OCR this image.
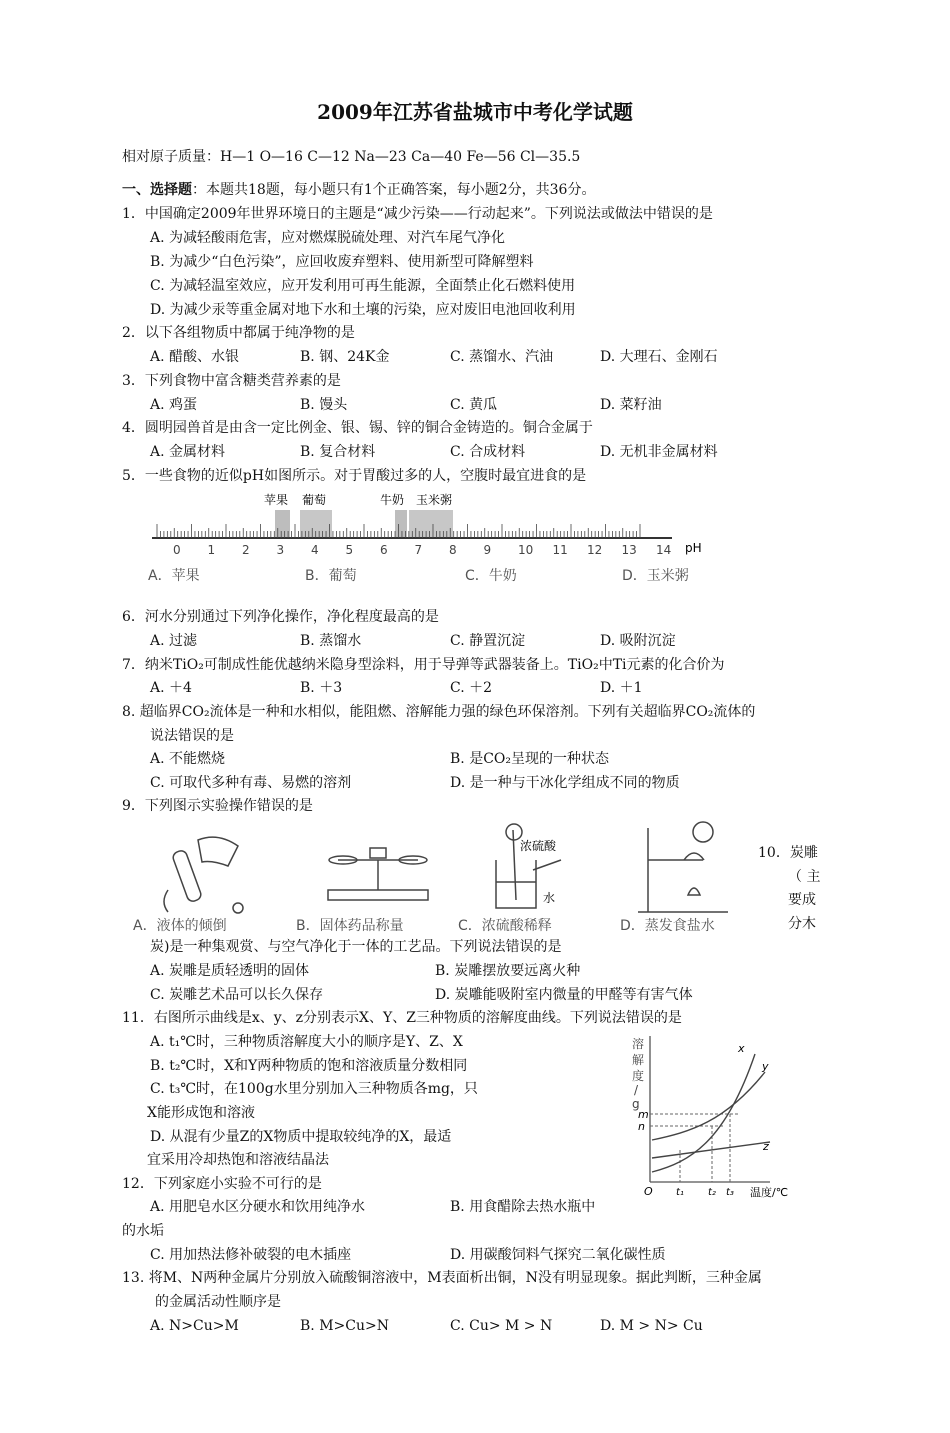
2009年江苏省盐城市中考化学试题
相对原子质量：H—1 O—16 C—12 Na—23 Ca—40 Fe—56 Cl—35.5
一、选择题：本题共18题，每小题只有1个正确答案，每小题2分，共36分。
1．中国确定2009年世界环境日的主题是“减少污染——行动起来”。下列说法或做法中错误的是
A. 为减轻酸雨危害，应对燃煤脱硫处理、对汽车尾气净化
B. 为减少“白色污染”，应回收废弃塑料、使用新型可降解塑料
C. 为减轻温室效应，应开发利用可再生能源，全面禁止化石燃料使用
D. 为减少汞等重金属对地下水和土壤的污染，应对废旧电池回收利用
2．以下各组物质中都属于纯净物的是
A. 醋酸、水银	B. 钢、24K金	C. 蒸馏水、汽油	D. 大理石、金刚石
3．下列食物中富含糖类营养素的是
A. 鸡蛋	B. 馒头	C. 黄瓜	D. 菜籽油
4．圆明园兽首是由含一定比例金、银、锡、锌的铜合金铸造的。铜合金属于
A. 金属材料	B. 复合材料	C. 合成材料	D. 无机非金属材料
5．一些食物的近似pH如图所示。对于胃酸过多的人，空腹时最宜进食的是
苹果 葡萄	牛奶 玉米粥
0 1 2 3 4 5 6 7 8 9 10 11 12 13 14 pH
A．苹果	B．葡萄	C．牛奶	D．玉米粥
6．河水分别通过下列净化操作，净化程度最高的是
A. 过滤	B. 蒸馏水	C. 静置沉淀	D. 吸附沉淀
7．纳米TiO₂可制成性能优越纳米隐身型涂料，用于导弹等武器装备上。TiO₂中Ti元素的化合价为
A. ＋4	B. ＋3	C. ＋2	D. ＋1
8. 超临界CO₂流体是一种和水相似，能阻燃、溶解能力强的绿色环保溶剂。下列有关超临界CO₂流体的
说法错误的是
A. 不能燃烧	B. 是CO₂呈现的一种状态
C. 可取代多种有毒、易燃的溶剂	D. 是一种与干冰化学组成不同的物质
9．下列图示实验操作错误的是
浓硫酸
水
A．液体的倾倒	B．固体药品称量	C．浓硫酸稀释	D．蒸发食盐水
10．炭雕
（ 主
要成
分木
炭)是一种集观赏、与空气净化于一体的工艺品。下列说法错误的是
A. 炭雕是质轻透明的固体	B. 炭雕摆放要远离火种
C. 炭雕艺术品可以长久保存	D. 炭雕能吸附室内微量的甲醛等有害气体
11．右图所示曲线是x、y、z分别表示X、Y、Z三种物质的溶解度曲线。下列说法错误的是
A. t₁℃时，三种物质溶解度大小的顺序是Y、Z、X
B. t₂℃时，X和Y两种物质的饱和溶液质量分数相同
C. t₃℃时，在100g水里分别加入三种物质各mg，只
X能形成饱和溶液
D. 从混有少量Z的X物质中提取较纯净的X，最适
宜采用冷却热饱和溶液结晶法
溶
解
度
/
g
x
y
z
m
n
O t₁ t₂ t₃ 温度/℃
12．下列家庭小实验不可行的是
A. 用肥皂水区分硬水和饮用纯净水	B. 用食醋除去热水瓶中
的水垢
C. 用加热法修补破裂的电木插座	D. 用碳酸饲料气探究二氧化碳性质
13. 将M、N两种金属片分别放入硫酸铜溶液中，M表面析出铜，N没有明显现象。据此判断，三种金属
的金属活动性顺序是
A. N>Cu>M	B. M>Cu>N	C. Cu> M > N	D. M > N> Cu
